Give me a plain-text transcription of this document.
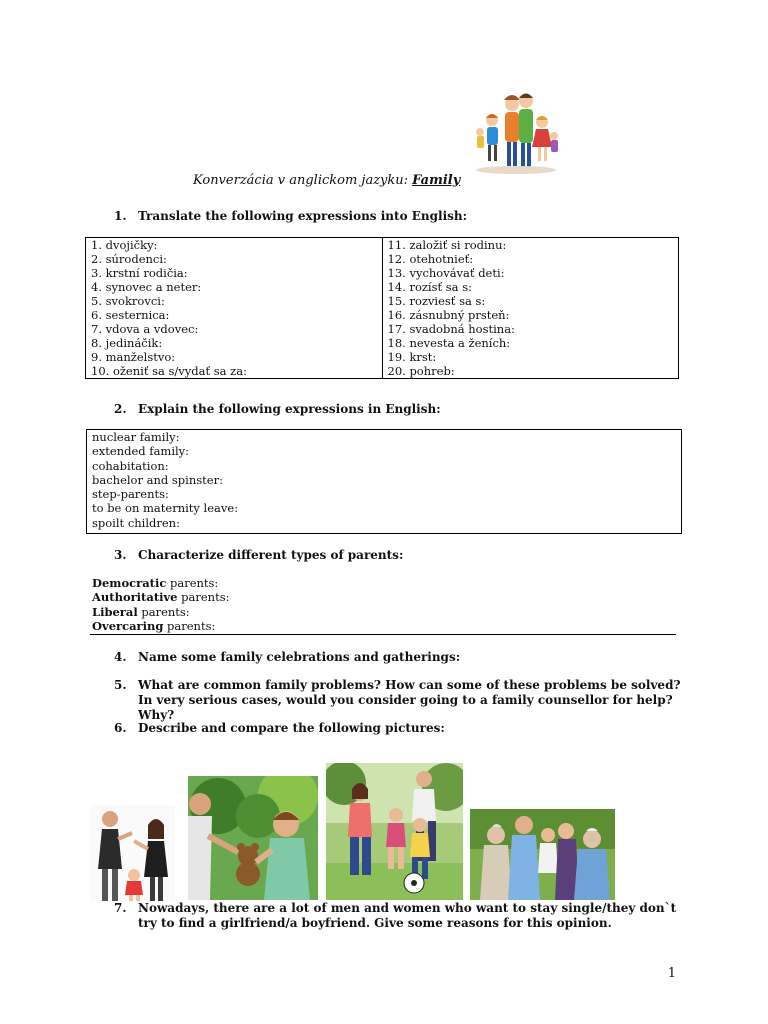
Konverzácia v anglickom jazyku: Family
1. Translate the following expressions into English:
1. dvojičky:	11. založiť si rodinu:
2. súrodenci:	12. otehotnieť:
3. krstní rodičia:	13. vychovávať deti:
4. synovec a neter:	14. rozísť sa s:
5. svokrovci:	15. rozviesť sa s:
6. sesternica:	16. zásnubný prsteň:
7. vdova a vdovec:	17. svadobná hostina:
8. jedináčik:	18. nevesta a ženích:
9. manželstvo:	19. krst:
10. oženiť sa s/vydať sa za:	20. pohreb:
2. Explain the following expressions in English:
nuclear family:
extended family:
cohabitation:
bachelor and spinster:
step-parents:
to be on maternity leave:
spoilt children:
3. Characterize different types of parents:
Democratic parents:
Authoritative parents:
Liberal parents:
Overcaring parents:
4. Name some family celebrations and gatherings:
5. What are common family problems? How can some of these problems be solved? In very serious cases, would you consider going to a family counsellor for help? Why?
6. Describe and compare the following pictures:
7. Nowadays, there are a lot of men and women who want to stay single/they don`t try to find a girlfriend/a boyfriend. Give some reasons for this opinion.
1
